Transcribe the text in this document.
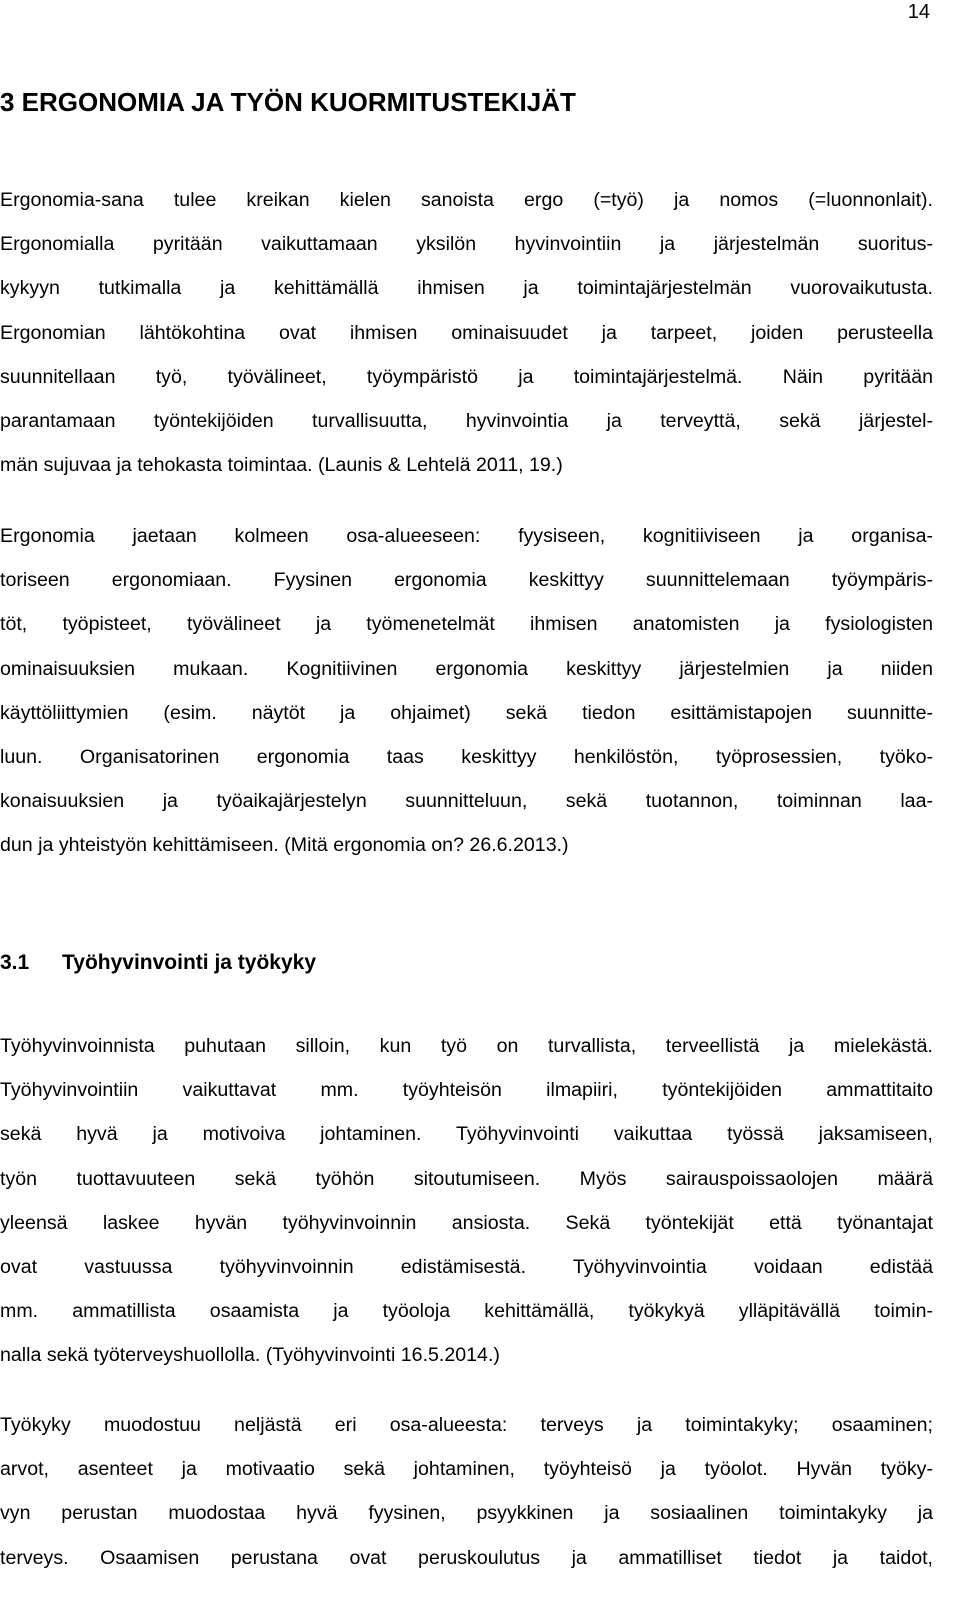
14
3 ERGONOMIA JA TYÖN KUORMITUSTEKIJÄT
Ergonomia-sana tulee kreikan kielen sanoista ergo (=työ) ja nomos (=luonnonlait).
Ergonomialla pyritään vaikuttamaan yksilön hyvinvointiin ja järjestelmän suoritus-
kykyyn tutkimalla ja kehittämällä ihmisen ja toimintajärjestelmän vuorovaikutusta.
Ergonomian lähtökohtina ovat ihmisen ominaisuudet ja tarpeet, joiden perusteella
suunnitellaan työ, työvälineet, työympäristö ja toimintajärjestelmä. Näin pyritään
parantamaan työntekijöiden turvallisuutta, hyvinvointia ja terveyttä, sekä järjestel-
män sujuvaa ja tehokasta toimintaa. (Launis & Lehtelä 2011, 19.)
Ergonomia jaetaan kolmeen osa-alueeseen: fyysiseen, kognitiiviseen ja organisa-
toriseen ergonomiaan. Fyysinen ergonomia keskittyy suunnittelemaan työympäris-
töt, työpisteet, työvälineet ja työmenetelmät ihmisen anatomisten ja fysiologisten
ominaisuuksien mukaan. Kognitiivinen ergonomia keskittyy järjestelmien ja niiden
käyttöliittymien (esim. näytöt ja ohjaimet) sekä tiedon esittämistapojen suunnitte-
luun. Organisatorinen ergonomia taas keskittyy henkilöstön, työprosessien, työko-
konaisuuksien ja työaikajärjestelyn suunnitteluun, sekä tuotannon, toiminnan laa-
dun ja yhteistyön kehittämiseen. (Mitä ergonomia on? 26.6.2013.)
3.1 Työhyvinvointi ja työkyky
Työhyvinvoinnista puhutaan silloin, kun työ on turvallista, terveellistä ja mielekästä.
Työhyvinvointiin vaikuttavat mm. työyhteisön ilmapiiri, työntekijöiden ammattitaito
sekä hyvä ja motivoiva johtaminen. Työhyvinvointi vaikuttaa työssä jaksamiseen,
työn tuottavuuteen sekä työhön sitoutumiseen. Myös sairauspoissaolojen määrä
yleensä laskee hyvän työhyvinvoinnin ansiosta. Sekä työntekijät että työnantajat
ovat vastuussa työhyvinvoinnin edistämisestä. Työhyvinvointia voidaan edistää
mm. ammatillista osaamista ja työoloja kehittämällä, työkykyä ylläpitävällä toimin-
nalla sekä työterveyshuollolla. (Työhyvinvointi 16.5.2014.)
Työkyky muodostuu neljästä eri osa-alueesta: terveys ja toimintakyky; osaaminen;
arvot, asenteet ja motivaatio sekä johtaminen, työyhteisö ja työolot. Hyvän työky-
vyn perustan muodostaa hyvä fyysinen, psyykkinen ja sosiaalinen toimintakyky ja
terveys. Osaamisen perustana ovat peruskoulutus ja ammatilliset tiedot ja taidot,
